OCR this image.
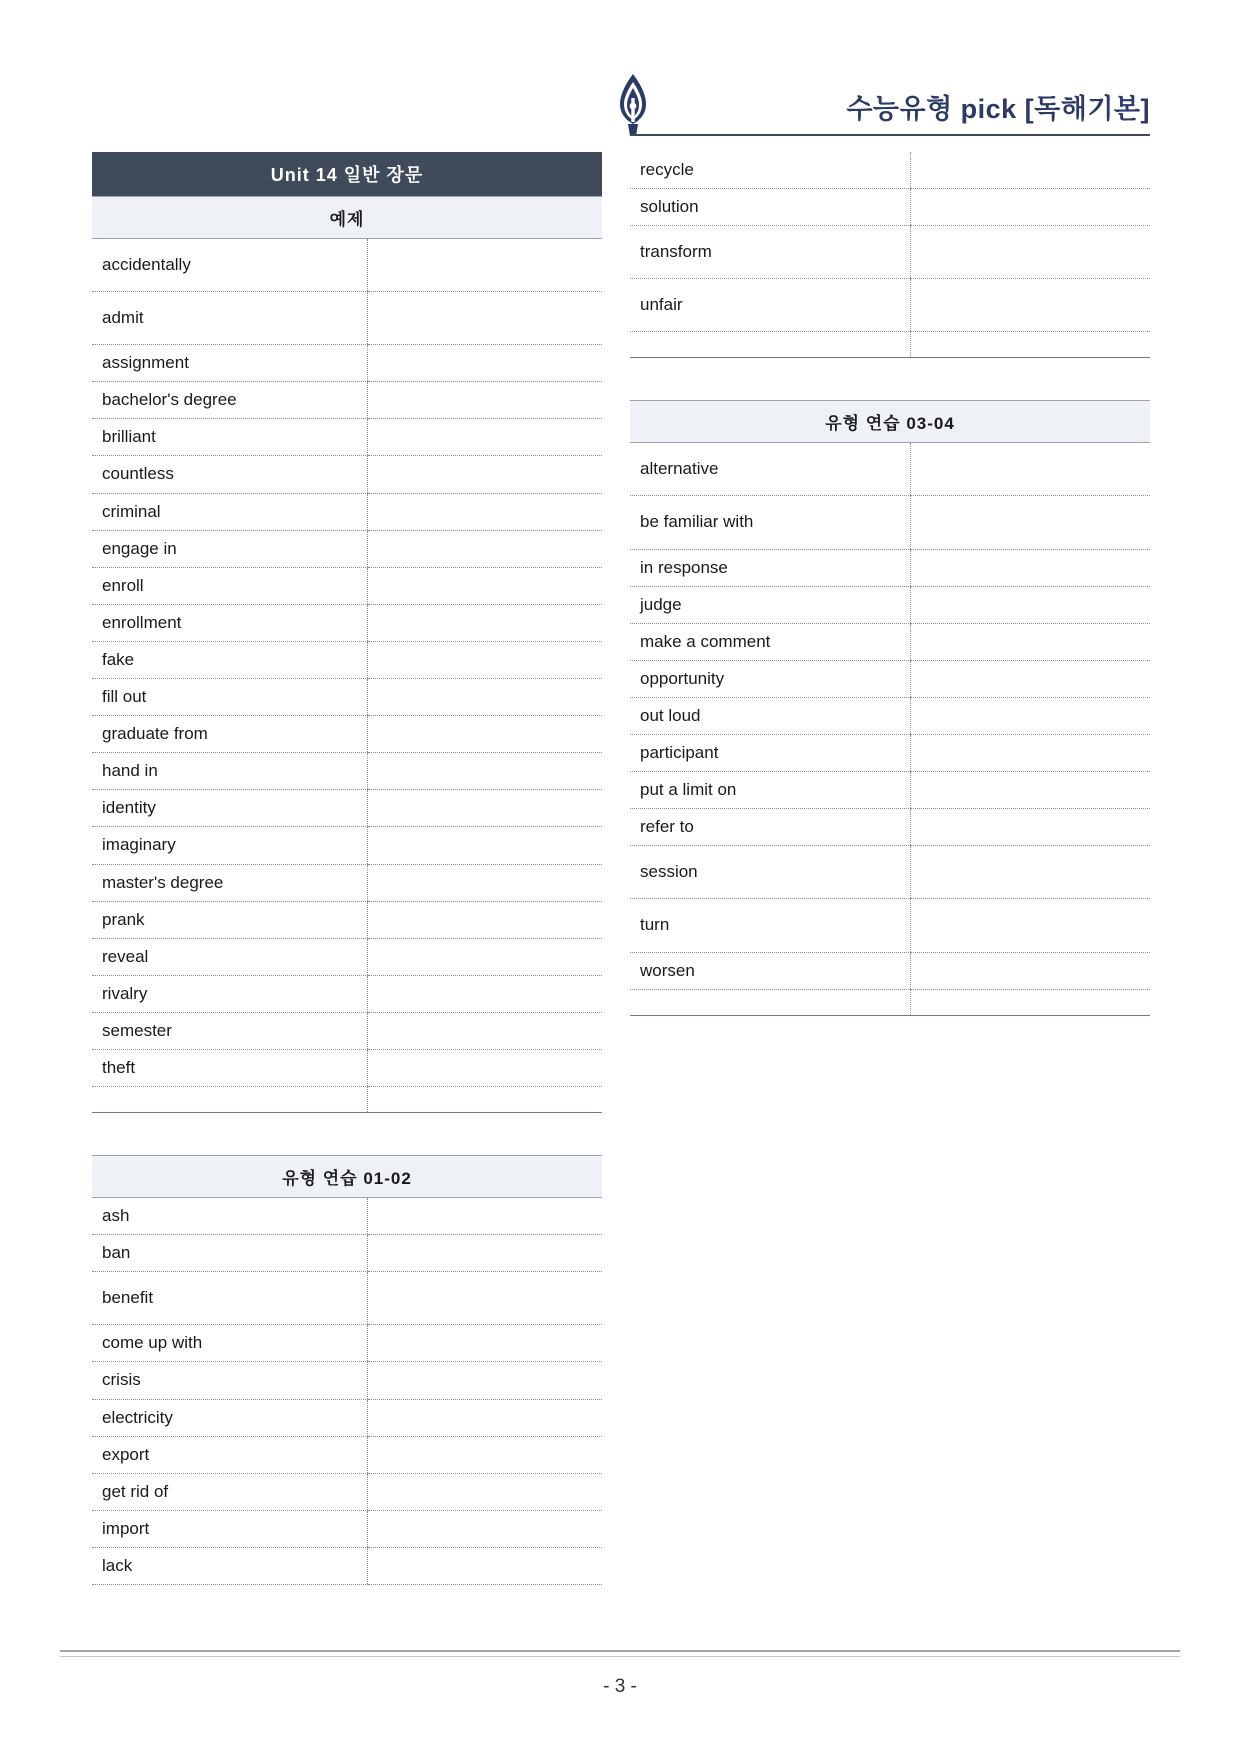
수능유형 pick [독해기본]
Unit 14 일반 장문	
예제	
accidentally	
admit	
assignment	
bachelor's degree	
brilliant	
countless	
criminal	
engage in	
enroll	
enrollment	
fake	
fill out	
graduate from	
hand in	
identity	
imaginary	
master's degree	
prank	
reveal	
rivalry	
semester	
theft	

유형 연습 01-02	
ash	
ban	
benefit	
come up with	
crisis	
electricity	
export	
get rid of	
import	
lack	
recycle	
solution	
transform	
unfair	

유형 연습 03-04	
alternative	
be familiar with	
in response	
judge	
make a comment	
opportunity	
out loud	
participant	
put a limit on	
refer to	
session	
turn	
worsen	

- 3 -
